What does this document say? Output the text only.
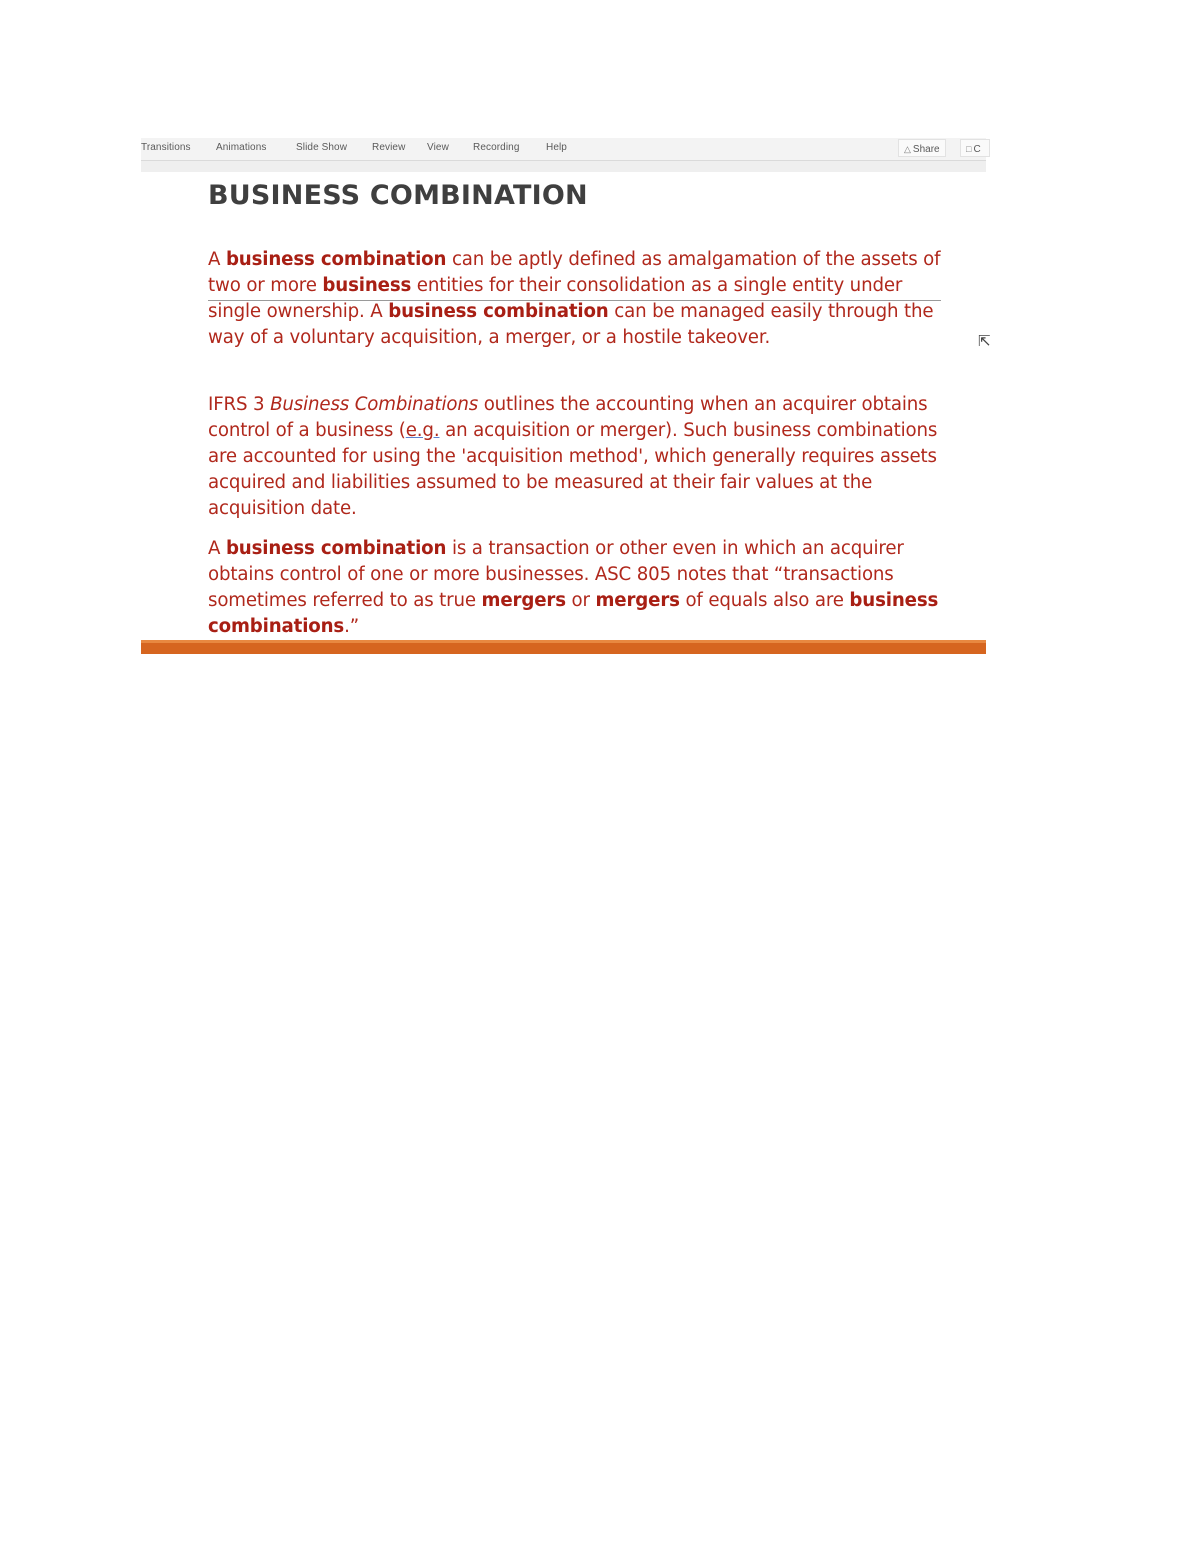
Transitions	Animations	Slide Show Review View Recording	Help	△ Share	□ C
BUSINESS COMBINATION

A business combination can be aptly defined as amalgamation of the assets of two or more business entities for their consolidation as a single entity under single ownership. A business combination can be managed easily through the way of a voluntary acquisition, a merger, or a hostile takeover.	⇱

IFRS 3 Business Combinations outlines the accounting when an acquirer obtains control of a business (e.g. an acquisition or merger). Such business combinations are accounted for using the 'acquisition method', which generally requires assets acquired and liabilities assumed to be measured at their fair values at the acquisition date.

A business combination is a transaction or other even in which an acquirer obtains control of one or more businesses. ASC 805 notes that “transactions sometimes referred to as true mergers or mergers of equals also are business combinations.”
